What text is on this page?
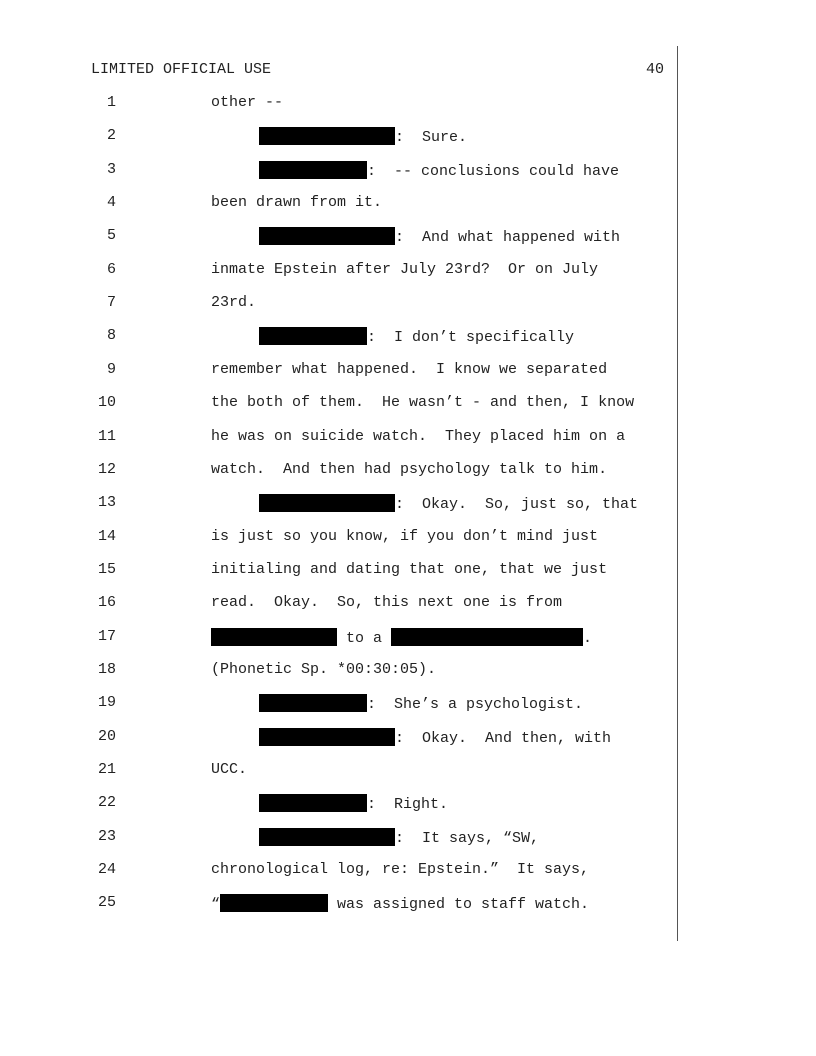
LIMITED OFFICIAL USE	40
1	other --
2	:  Sure.
3	:  -- conclusions could have
4	been drawn from it.
5	:  And what happened with
6	inmate Epstein after July 23rd?  Or on July
7	23rd.
8	:  I don’t specifically
9	remember what happened.  I know we separated
10	the both of them.  He wasn’t - and then, I know
11	he was on suicide watch.  They placed him on a
12	watch.  And then had psychology talk to him.
13	:  Okay.  So, just so, that
14	is just so you know, if you don’t mind just
15	initialing and dating that one, that we just
16	read.  Okay.  So, this next one is from
17	to a	.
18	(Phonetic Sp. *00:30:05).
19	:  She’s a psychologist.
20	:  Okay.  And then, with
21	UCC.
22	:  Right.
23	:  It says, “SW,
24	chronological log, re: Epstein.”  It says,
25	“	was assigned to staff watch.
